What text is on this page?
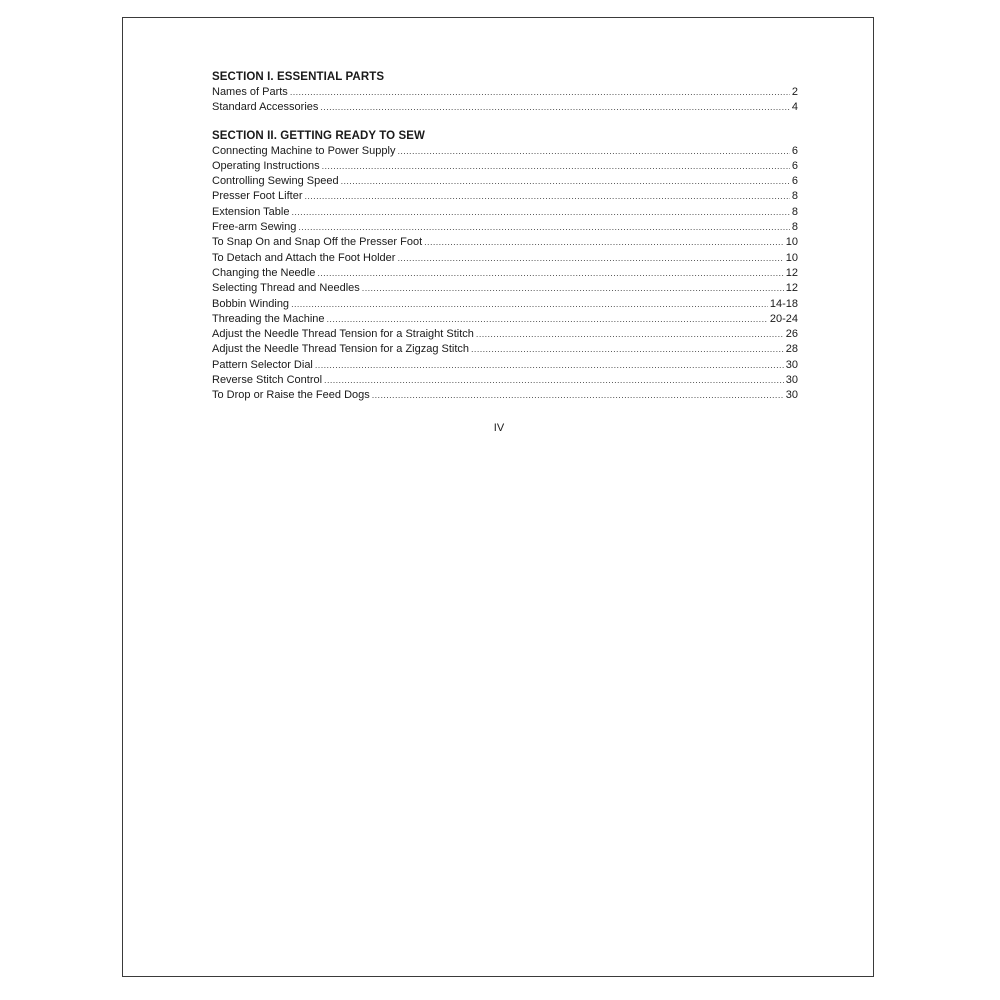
SECTION I. ESSENTIAL PARTS
Names of Parts .....	2
Standard Accessories .....	4
SECTION II. GETTING READY TO SEW
Connecting Machine to Power Supply .....	6
Operating Instructions .....	6
Controlling Sewing Speed .....	6
Presser Foot Lifter .....	8
Extension Table .....	8
Free-arm Sewing .....	8
To Snap On and Snap Off the Presser Foot .....	10
To Detach and Attach the Foot Holder .....	10
Changing the Needle .....	12
Selecting Thread and Needles .....	12
Bobbin Winding .....	14-18
Threading the Machine .....	20-24
Adjust the Needle Thread Tension for a Straight Stitch .....	26
Adjust the Needle Thread Tension for a Zigzag Stitch .....	28
Pattern Selector Dial .....	30
Reverse Stitch Control .....	30
To Drop or Raise the Feed Dogs .....	30
IV
